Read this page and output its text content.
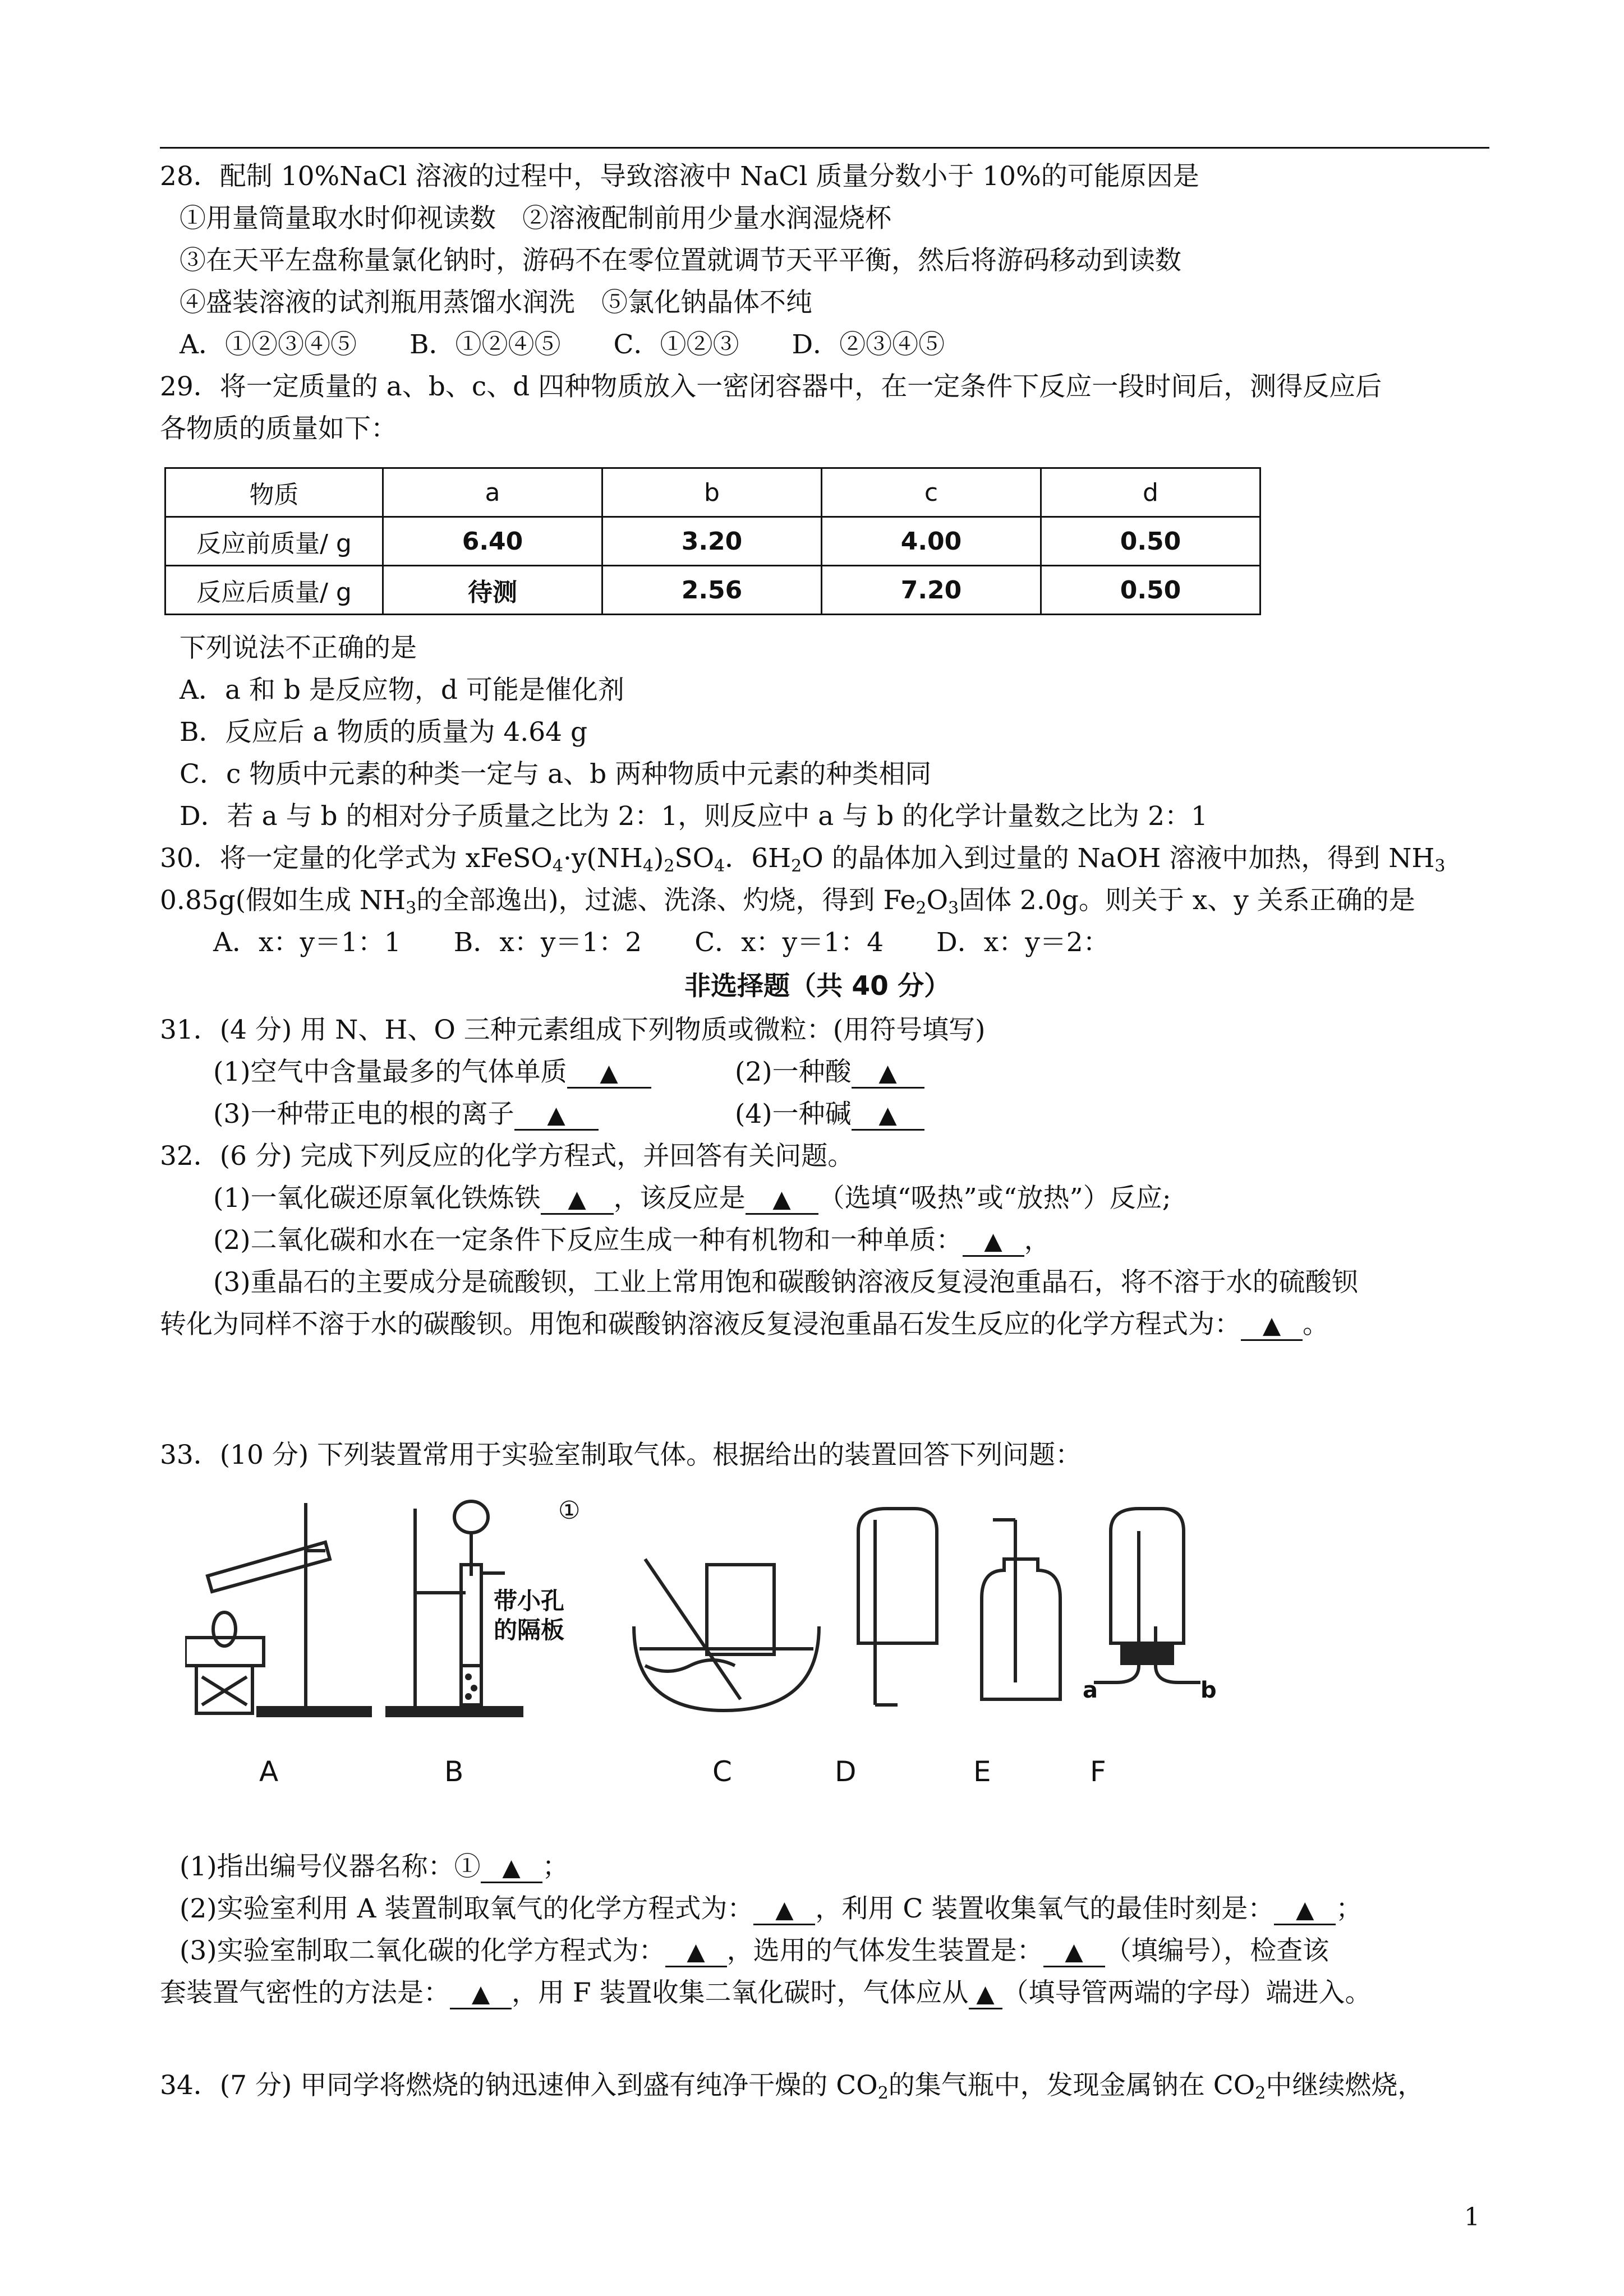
28．配制 10%NaCl 溶液的过程中，导致溶液中 NaCl 质量分数小于 10%的可能原因是
①用量筒量取水时仰视读数　②溶液配制前用少量水润湿烧杯
③在天平左盘称量氯化钠时，游码不在零位置就调节天平平衡，然后将游码移动到读数
④盛装溶液的试剂瓶用蒸馏水润洗　⑤氯化钠晶体不纯
A．①②③④⑤　　B．①②④⑤　　C．①②③　　D．②③④⑤
29．将一定质量的 a、b、c、d 四种物质放入一密闭容器中，在一定条件下反应一段时间后，测得反应后
各物质的质量如下：
物质	a	b	c	d
反应前质量/ g	6.40	3.20	4.00	0.50
反应后质量/ g	待测	2.56	7.20	0.50
下列说法不正确的是
A．a 和 b 是反应物，d 可能是催化剂
B．反应后 a 物质的质量为 4.64 g
C．c 物质中元素的种类一定与 a、b 两种物质中元素的种类相同
D．若 a 与 b 的相对分子质量之比为 2：1，则反应中 a 与 b 的化学计量数之比为 2：1
30．将一定量的化学式为 $xFeSO_4\cdot y(NH_4)_2SO_4$．$6H_2O$ 的晶体加入到过量的 NaOH 溶液中加热，得到 $NH_3$
0.85g(假如生成 $NH_3$的全部逸出)，过滤、洗涤、灼烧，得到 $Fe_2O_3$固体 2.0g。则关于 x、y 关系正确的是
A．x：y＝1：1　　B．x：y＝1：2　　C．x：y＝1：4　　D．x：y＝2：
非选择题（共 40 分）
31．(4 分) 用 N、H、O 三种元素组成下列物质或微粒：(用符号填写)
(1)空气中含量最多的气体单质 ▲	(2)一种酸 ▲
(3)一种带正电的根的离子 ▲	(4)一种碱 ▲
32．(6 分) 完成下列反应的化学方程式，并回答有关问题。
(1)一氧化碳还原氧化铁炼铁 ▲ ，该反应是 ▲ （选填“吸热”或“放热”）反应;
(2)二氧化碳和水在一定条件下反应生成一种有机物和一种单质： ▲ ，
(3)重晶石的主要成分是硫酸钡，工业上常用饱和碳酸钠溶液反复浸泡重晶石，将不溶于水的硫酸钡
转化为同样不溶于水的碳酸钡。用饱和碳酸钠溶液反复浸泡重晶石发生反应的化学方程式为： ▲ 。
33．(10 分) 下列装置常用于实验室制取气体。根据给出的装置回答下列问题：
①
带小孔
的隔板
a	b
A	B	C	D	E	F
(1)指出编号仪器名称：① ▲ ；
(2)实验室利用 A 装置制取氧气的化学方程式为： ▲ ，利用 C 装置收集氧气的最佳时刻是： ▲ ；
(3)实验室制取二氧化碳的化学方程式为： ▲ ，选用的气体发生装置是： ▲ （填编号），检查该
套装置气密性的方法是： ▲ ，用 F 装置收集二氧化碳时，气体应从 ▲ （填导管两端的字母）端进入。
34．(7 分) 甲同学将燃烧的钠迅速伸入到盛有纯净干燥的 $CO_2$的集气瓶中，发现金属钠在 $CO_2$中继续燃烧，
1
